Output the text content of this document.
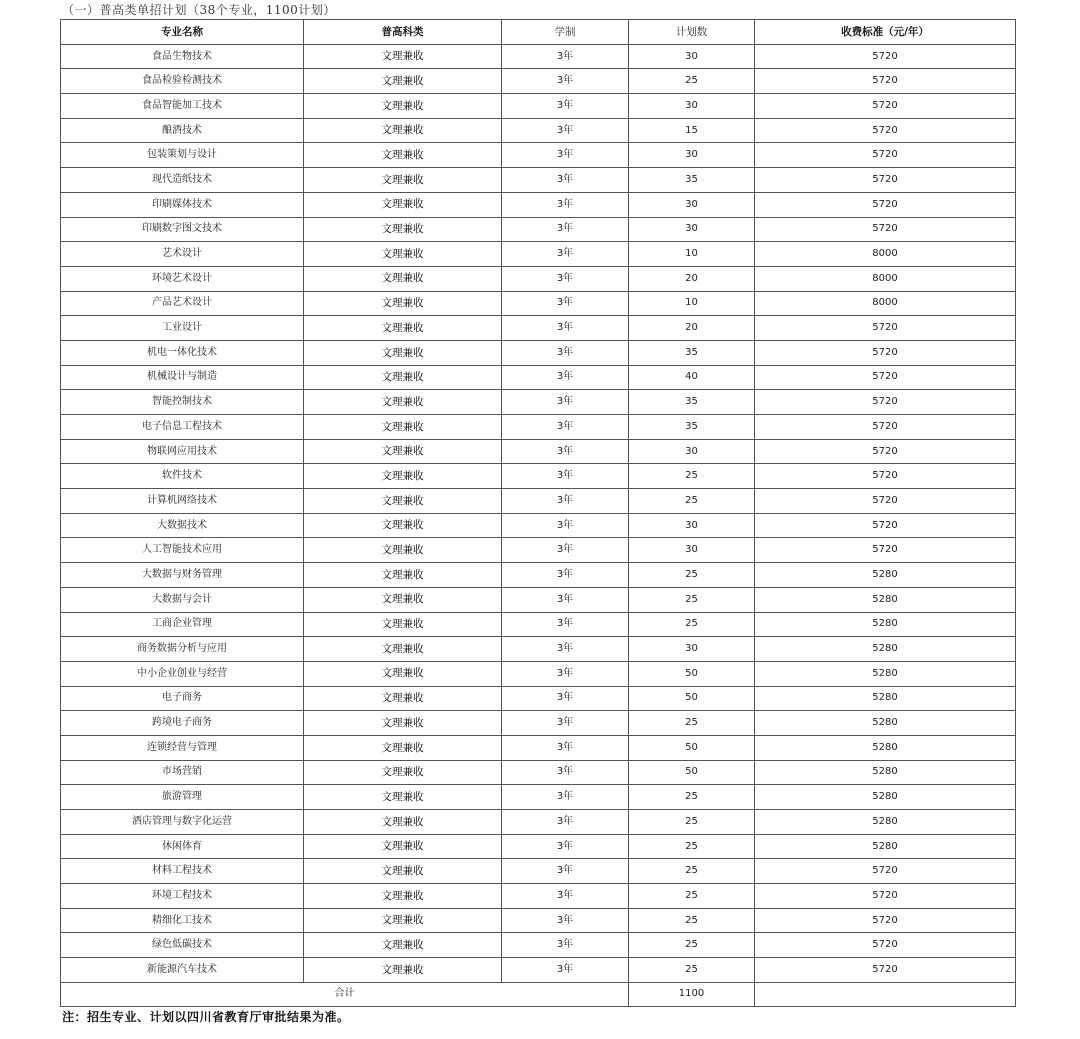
（一）普高类单招计划（38个专业，1100计划）
专业名称	普高科类	学制	计划数	收费标准（元/年）
食品生物技术	文理兼收	3年	30	5720
食品检验检测技术	文理兼收	3年	25	5720
食品智能加工技术	文理兼收	3年	30	5720
酿酒技术	文理兼收	3年	15	5720
包装策划与设计	文理兼收	3年	30	5720
现代造纸技术	文理兼收	3年	35	5720
印刷媒体技术	文理兼收	3年	30	5720
印刷数字图文技术	文理兼收	3年	30	5720
艺术设计	文理兼收	3年	10	8000
环境艺术设计	文理兼收	3年	20	8000
产品艺术设计	文理兼收	3年	10	8000
工业设计	文理兼收	3年	20	5720
机电一体化技术	文理兼收	3年	35	5720
机械设计与制造	文理兼收	3年	40	5720
智能控制技术	文理兼收	3年	35	5720
电子信息工程技术	文理兼收	3年	35	5720
物联网应用技术	文理兼收	3年	30	5720
软件技术	文理兼收	3年	25	5720
计算机网络技术	文理兼收	3年	25	5720
大数据技术	文理兼收	3年	30	5720
人工智能技术应用	文理兼收	3年	30	5720
大数据与财务管理	文理兼收	3年	25	5280
大数据与会计	文理兼收	3年	25	5280
工商企业管理	文理兼收	3年	25	5280
商务数据分析与应用	文理兼收	3年	30	5280
中小企业创业与经营	文理兼收	3年	50	5280
电子商务	文理兼收	3年	50	5280
跨境电子商务	文理兼收	3年	25	5280
连锁经营与管理	文理兼收	3年	50	5280
市场营销	文理兼收	3年	50	5280
旅游管理	文理兼收	3年	25	5280
酒店管理与数字化运营	文理兼收	3年	25	5280
休闲体育	文理兼收	3年	25	5280
材料工程技术	文理兼收	3年	25	5720
环境工程技术	文理兼收	3年	25	5720
精细化工技术	文理兼收	3年	25	5720
绿色低碳技术	文理兼收	3年	25	5720
新能源汽车技术	文理兼收	3年	25	5720
合计			1100	
注：招生专业、计划以四川省教育厅审批结果为准。
